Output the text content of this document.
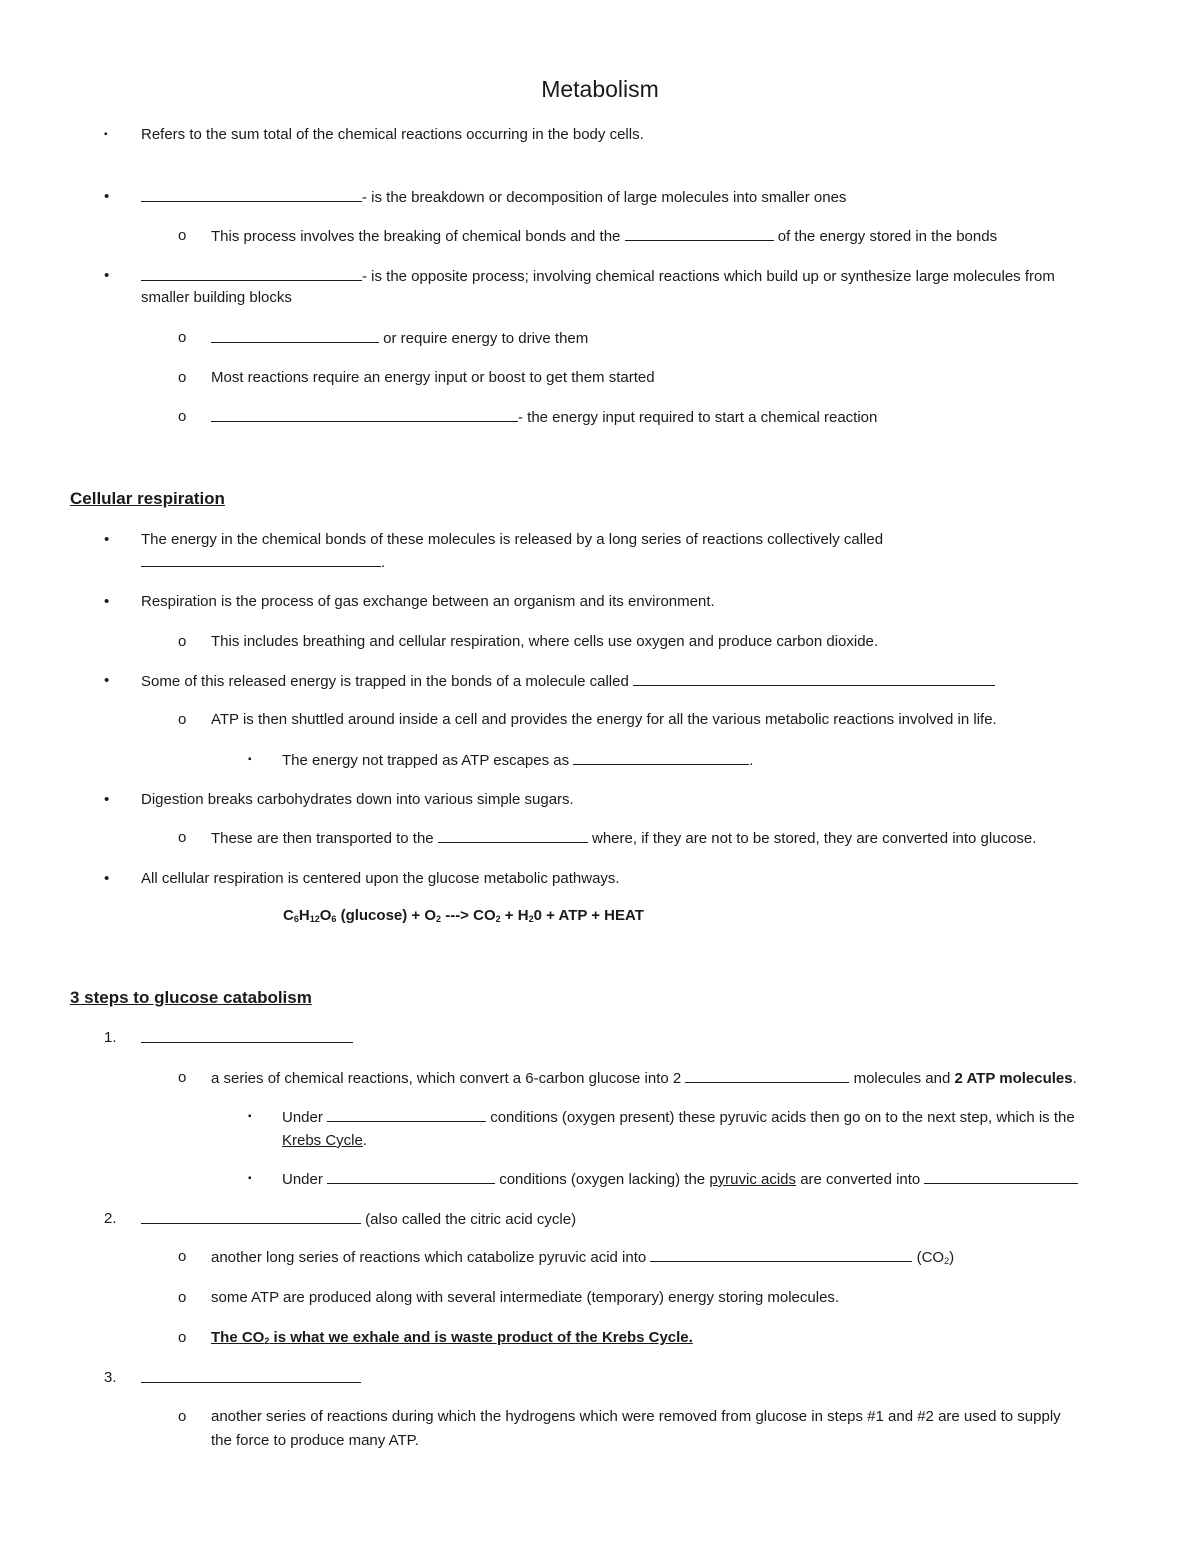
Metabolism
▪ Refers to the sum total of the chemical reactions occurring in the body cells.
•	- is the breakdown or decomposition of large molecules into smaller ones
o This process involves the breaking of chemical bonds and the	of the energy stored in the bonds
•	- is the opposite process; involving chemical reactions which build up or synthesize large molecules from
smaller building blocks
o	or require energy to drive them
o Most reactions require an energy input or boost to get them started
o	- the energy input required to start a chemical reaction
Cellular respiration
• The energy in the chemical bonds of these molecules is released by a long series of reactions collectively called
.
• Respiration is the process of gas exchange between an organism and its environment.
o This includes breathing and cellular respiration, where cells use oxygen and produce carbon dioxide.
• Some of this released energy is trapped in the bonds of a molecule called
o ATP is then shuttled around inside a cell and provides the energy for all the various metabolic reactions involved in life.
▪ The energy not trapped as ATP escapes as	.
• Digestion breaks carbohydrates down into various simple sugars.
o These are then transported to the	where, if they are not to be stored, they are converted into glucose.
• All cellular respiration is centered upon the glucose metabolic pathways.
$C_6H_{12}O_6$ $(glucose) + O_2$ ---> $CO_2 + H_20$ + ATP + HEAT
3 steps to glucose catabolism
1.
o a series of chemical reactions, which convert a 6-carbon glucose into 2	molecules and 2 ATP molecules.
▪ Under	conditions (oxygen present) these pyruvic acids then go on to the next step, which is the
Krebs Cycle.
▪ Under	conditions (oxygen lacking) the pyruvic acids are converted into
2.	(also called the citric acid cycle)
o another long series of reactions which catabolize pyruvic acid into	$(CO_2)$
o some ATP are produced along with several intermediate (temporary) energy storing molecules.
o The $CO_2$ is what we exhale and is waste product of the Krebs Cycle.
3.
o another series of reactions during which the hydrogens which were removed from glucose in steps #1 and #2 are used to supply
the force to produce many ATP.
